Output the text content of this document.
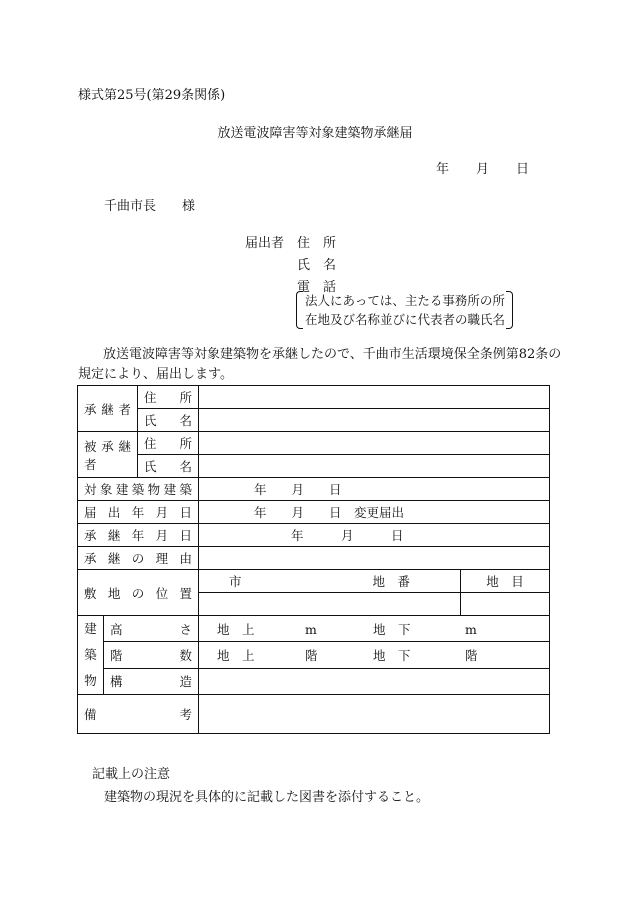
様式第25号(第29条関係)
放送電波障害等対象建築物承継届
年 月 日
千曲市長　　様
届出者 住　所
氏　名
電　話
法人にあっては、主たる事務所の所
在地及び名称並びに代表者の職氏名
放送電波障害等対象建築物を承継したので、千曲市生活環境保全条例第82条の
規定により、届出します。
承継者		住所			
		氏名			
被承継者		住所			
		氏名			
対象建築物建築			年　　月　　日		
届出年月日			年　　月　　日　変更届出		
承継年月日			年　　　月　　　日		
承継の理由					
敷地の位置			市	地　番	地　目

建
築
物	高さ		地　上 m 地　下 m		
	階数		地　上 階 地　下 階		
	構造				
備考					
記載上の注意
建築物の現況を具体的に記載した図書を添付すること。
